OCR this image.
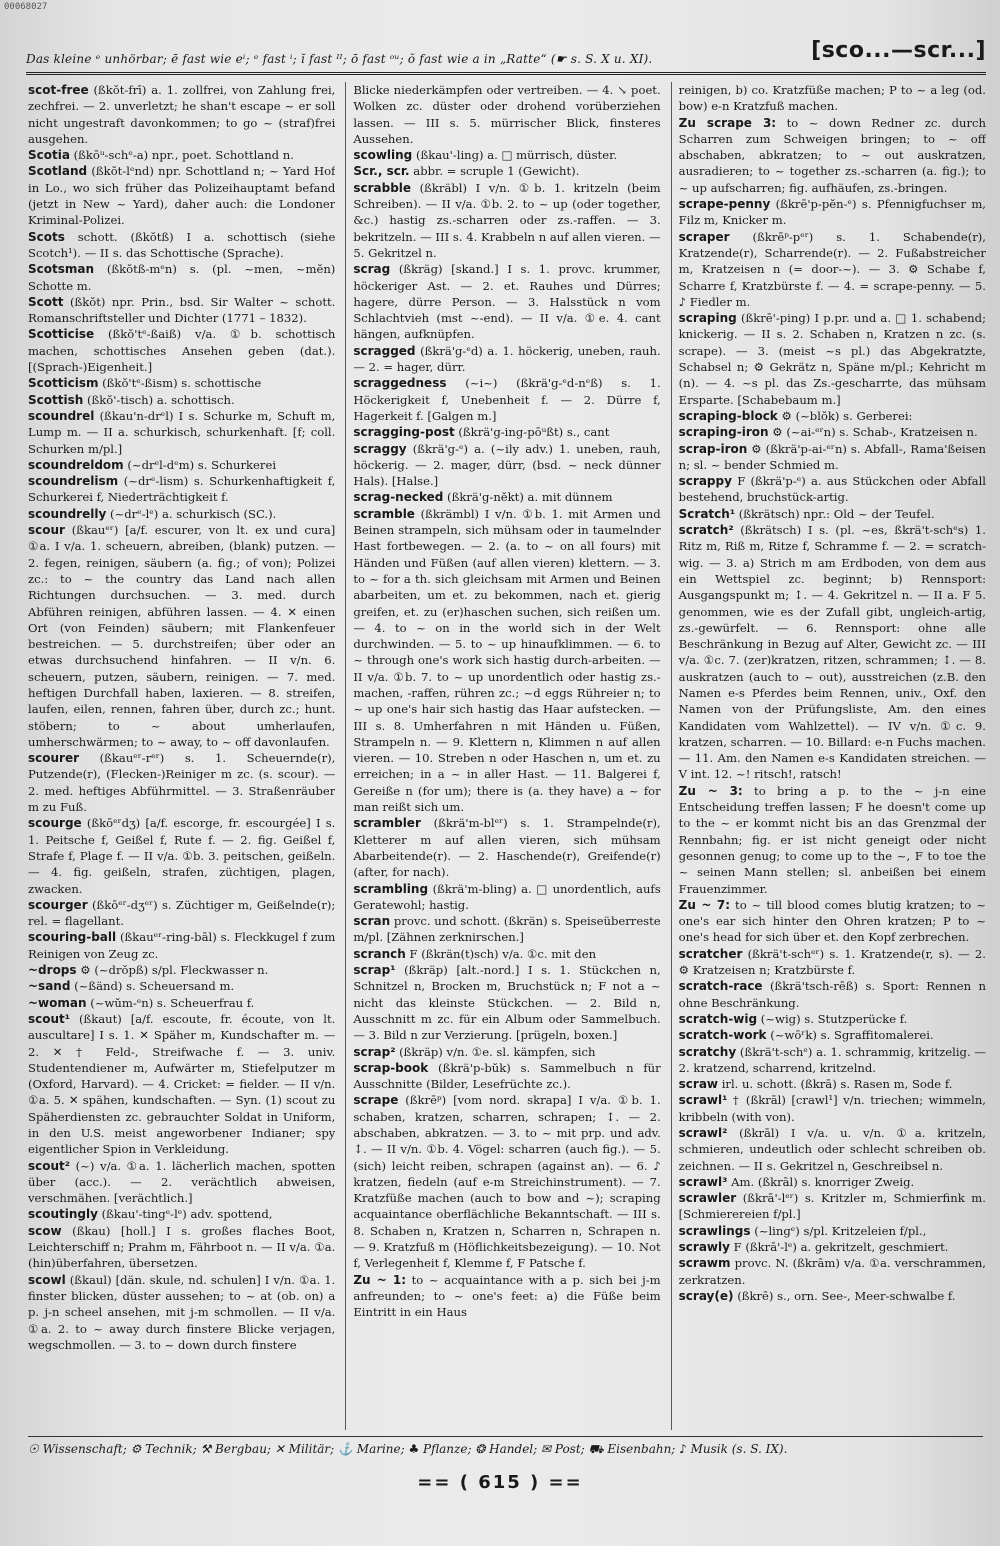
00068027
Das kleine ᵉ unhörbar; ē fast wie eⁱ; ᵉ fast ⁱ; ĭ fast ᴵᴵ; ō fast ᵒᵘ; ŏ fast wie a in „Ratte“ (☛ s. S. X u. XI).	[sco...—scr...]

scot-free (ßkŏt-frī) a. 1. zollfrei, von Zahlung frei, zechfrei. — 2. unverletzt; he shan't escape ~ er soll nicht ungestraft davonkommen; to go ~ (straf)frei ausgehen.

Scotia (ßkōᵘ-schᵉ-a) npr., poet. Schottland n.

Scotland (ßkŏt-lᵉnd) npr. Schottland n; ~ Yard Hof in Lo., wo sich früher das Polizeihauptamt befand (jetzt in New ~ Yard), daher auch: die Londoner Kriminal-Polizei.

Scots schott. (ßkŏtß) I a. schottisch (siehe Scotch¹). — II s. das Schottische (Sprache).

Scotsman (ßkŏtß-mᵉn) s. (pl. ~men, ~mĕn) Schotte m.

Scott (ßkŏt) npr. Prin., bsd. Sir Walter ~ schott. Romanschriftsteller und Dichter (1771 – 1832).

Scotticise (ßkŏ'tᵉ-ßaiß) v/a. ①b. schottisch machen, schottisches Ansehen geben (dat.). [(Sprach-)Eigenheit.]

Scotticism (ßkŏ'tᵉ-ßism) s. schottische

Scottish (ßkŏ'-tisch) a. schottisch.

scoundrel (ßkau'n-drᵉl) I s. Schurke m, Schuft m, Lump m. — II a. schurkisch, schurkenhaft. [f; coll. Schurken m/pl.]

scoundreldom (~drᵉl-dᵉm) s. Schurkerei

scoundrelism (~drᵉ-lism) s. Schurkenhaftigkeit f, Schurkerei f, Niederträchtigkeit f.

scoundrelly (~drᵉ-lᵉ) a. schurkisch (SC.).

scour (ßkauᵉʳ) [a/f. escurer, von lt. ex und cura] ①a. I v/a. 1. scheuern, abreiben, (blank) putzen. — 2. fegen, reinigen, säubern (a. fig.; of von); Polizei zc.: to ~ the country das Land nach allen Richtungen durchsuchen. — 3. med. durch Abführen reinigen, abführen lassen. — 4. ✕ einen Ort (von Feinden) säubern; mit Flankenfeuer bestreichen. — 5. durchstreifen; über oder an etwas durchsuchend hinfahren. — II v/n. 6. scheuern, putzen, säubern, reinigen. — 7. med. heftigen Durchfall haben, laxieren. — 8. streifen, laufen, eilen, rennen, fahren über, durch zc.; hunt. stöbern; to ~ about umherlaufen, umherschwärmen; to ~ away, to ~ off davonlaufen.

scourer (ßkauᵉʳ-rᵉʳ) s. 1. Scheuernde(r), Putzende(r), (Flecken-)Reiniger m zc. (s. scour). — 2. med. heftiges Abführmittel. — 3. Straßenräuber m zu Fuß.

scourge (ßkōᵉʳdʒ) [a/f. escorge, fr. escourgée] I s. 1. Peitsche f, Geißel f, Rute f. — 2. fig. Geißel f, Strafe f, Plage f. — II v/a. ①b. 3. peitschen, geißeln. — 4. fig. geißeln, strafen, züchtigen, plagen, zwacken.

scourger (ßkōᵉʳ-dʒᵉʳ) s. Züchtiger m, Geißelnde(r); rel. = flagellant.

scouring-ball (ßkauᵉʳ-ring-bāl) s. Fleckkugel f zum Reinigen von Zeug zc.

~drops ⚙ (~drŏpß) s/pl. Fleckwasser n.

~sand (~ßänd) s. Scheuersand m.

~woman (~wŭm-ᵉn) s. Scheuerfrau f.

scout¹ (ßkaut) [a/f. escoute, fr. écoute, von lt. auscultare] I s. 1. ✕ Späher m, Kundschafter m. — 2. ✕ † Feld-, Streifwache f. — 3. univ. Studentendiener m, Aufwärter m, Stiefelputzer m (Oxford, Harvard). — 4. Cricket: = fielder. — II v/n. ①a. 5. ✕ spähen, kundschaften. — Syn. (1) scout zu Späherdiensten zc. gebrauchter Soldat in Uniform, in den U.S. meist angeworbener Indianer; spy eigentlicher Spion in Verkleidung.

scout² (~) v/a. ①a. 1. lächerlich machen, spotten über (acc.). — 2. verächtlich abweisen, verschmähen. [verächtlich.]

scoutingly (ßkau'-tingᵉ-lᵉ) adv. spottend,

scow (ßkau) [holl.] I s. großes flaches Boot, Leichterschiff n; Prahm m, Fährboot n. — II v/a. ①a. (hin)überfahren, übersetzen.

scowl (ßkaul) [dän. skule, nd. schulen] I v/n. ①a. 1. finster blicken, düster aussehen; to ~ at (ob. on) a p. j-n scheel ansehen, mit j-m schmollen. — II v/a. ①a. 2. to ~ away durch finstere Blicke verjagen, wegschmollen. — 3. to ~ down durch finstere

Blicke niederkämpfen oder vertreiben. — 4. ↘ poet. Wolken zc. düster oder drohend vorüberziehen lassen. — III s. 5. mürrischer Blick, finsteres Aussehen.

scowling (ßkau'-ling) a. □ mürrisch, düster.

Scr., scr. abbr. = scruple 1 (Gewicht).

scrabble (ßkräbl) I v/n. ①b. 1. kritzeln (beim Schreiben). — II v/a. ①b. 2. to ~ up (oder together, &c.) hastig zs.-scharren oder zs.-raffen. — 3. bekritzeln. — III s. 4. Krabbeln n auf allen vieren. — 5. Gekritzel n.

scrag (ßkräg) [skand.] I s. 1. provc. krummer, höckeriger Ast. — 2. et. Rauhes und Dürres; hagere, dürre Person. — 3. Halsstück n vom Schlachtvieh (mst ~-end). — II v/a. ①e. 4. cant hängen, aufknüpfen.

scragged (ßkrä'g-ᵉd) a. 1. höckerig, uneben, rauh. — 2. = hager, dürr.

scraggedness (~i~) (ßkrä'g-ᵉd-nᵉß) s. 1. Höckerigkeit f, Unebenheit f. — 2. Dürre f, Hagerkeit f. [Galgen m.]

scragging-post (ßkrä'g-ing-pōᵘßt) s., cant

scraggy (ßkrä'g-ᵉ) a. (~ily adv.) 1. uneben, rauh, höckerig. — 2. mager, dürr, (bsd. ~ neck dünner Hals). [Halse.]

scrag-necked (ßkrä'g-nĕkt) a. mit dünnem

scramble (ßkrämbl) I v/n. ①b. 1. mit Armen und Beinen strampeln, sich mühsam oder in taumelnder Hast fortbewegen. — 2. (a. to ~ on all fours) mit Händen und Füßen (auf allen vieren) klettern. — 3. to ~ for a th. sich gleichsam mit Armen und Beinen abarbeiten, um et. zu bekommen, nach et. gierig greifen, et. zu (er)haschen suchen, sich reißen um. — 4. to ~ on in the world sich in der Welt durchwinden. — 5. to ~ up hinaufklimmen. — 6. to ~ through one's work sich hastig durch-arbeiten. — II v/a. ①b. 7. to ~ up unordentlich oder hastig zs.-machen, -raffen, rühren zc.; ~d eggs Rühreier n; to ~ up one's hair sich hastig das Haar aufstecken. — III s. 8. Umherfahren n mit Händen u. Füßen, Strampeln n. — 9. Klettern n, Klimmen n auf allen vieren. — 10. Streben n oder Haschen n, um et. zu erreichen; in a ~ in aller Hast. — 11. Balgerei f, Gereiße n (for um); there is (a. they have) a ~ for man reißt sich um.

scrambler (ßkrä'm-blᵉʳ) s. 1. Strampelnde(r), Kletterer m auf allen vieren, sich mühsam Abarbeitende(r). — 2. Haschende(r), Greifende(r) (after, for nach).

scrambling (ßkrä'm-bling) a. □ unordentlich, aufs Geratewohl; hastig.

scran provc. und schott. (ßkrän) s. Speiseüberreste m/pl. [Zähnen zerknirschen.]

scranch F (ßkrän(t)sch) v/a. ①c. mit den

scrap¹ (ßkräp) [alt.-nord.] I s. 1. Stückchen n, Schnitzel n, Brocken m, Bruchstück n; F not a ~ nicht das kleinste Stückchen. — 2. Bild n, Ausschnitt m zc. für ein Album oder Sammelbuch. — 3. Bild n zur Verzierung. [prügeln, boxen.]

scrap² (ßkräp) v/n. ①e. sl. kämpfen, sich

scrap-book (ßkrä'p-bŭk) s. Sammelbuch n für Ausschnitte (Bilder, Lesefrüchte zc.).

scrape (ßkrēᵖ) [vom nord. skrapa] I v/a. ①b. 1. schaben, kratzen, scharren, schrapen; ↕. — 2. abschaben, abkratzen. — 3. to ~ mit prp. und adv. ↕. — II v/n. ①b. 4. Vögel: scharren (auch fig.). — 5. (sich) leicht reiben, schrapen (against an). — 6. ♪ kratzen, fiedeln (auf e-m Streichinstrument). — 7. Kratzfüße machen (auch to bow and ~); scraping acquaintance oberflächliche Bekanntschaft. — III s. 8. Schaben n, Kratzen n, Scharren n, Schrapen n. — 9. Kratzfuß m (Höflichkeitsbezeigung). — 10. Not f, Verlegenheit f, Klemme f, F Patsche f.

Zu ~ 1: to ~ acquaintance with a p. sich bei j-m anfreunden; to ~ one's feet: a) die Füße beim Eintritt in ein Haus

reinigen, b) co. Kratzfüße machen; P to ~ a leg (od. bow) e-n Kratzfuß machen.

Zu scrape 3: to ~ down Redner zc. durch Scharren zum Schweigen bringen; to ~ off abschaben, abkratzen; to ~ out auskratzen, ausradieren; to ~ together zs.-scharren (a. fig.); to ~ up aufscharren; fig. aufhäufen, zs.-bringen.

scrape-penny (ßkrē'p-pĕn-ᵉ) s. Pfennigfuchser m, Filz m, Knicker m.

scraper (ßkrēᵖ-pᵉʳ) s. 1. Schabende(r), Kratzende(r), Scharrende(r). — 2. Fußabstreicher m, Kratzeisen n (= door-~). — 3. ⚙ Schabe f, Scharre f, Kratzbürste f. — 4. = scrape-penny. — 5. ♪ Fiedler m.

scraping (ßkrē'-ping) I p.pr. und a. □ 1. schabend; knickerig. — II s. 2. Schaben n, Kratzen n zc. (s. scrape). — 3. (meist ~s pl.) das Abgekratzte, Schabsel n; ⚙ Gekrätz n, Späne m/pl.; Kehricht m (n). — 4. ~s pl. das Zs.-gescharrte, das mühsam Ersparte. [Schabebaum m.]

scraping-block ⚙ (~blŏk) s. Gerberei:

scraping-iron ⚙ (~ai-ᵉʳn) s. Schab-, Kratzeisen n.

scrap-iron ⚙ (ßkrä'p-ai-ᵉʳn) s. Abfall-, Rama'ßeisen n; sl. ~ bender Schmied m.

scrappy F (ßkrä'p-ᵉ) a. aus Stückchen oder Abfall bestehend, bruchstück-artig.

Scratch¹ (ßkrätsch) npr.: Old ~ der Teufel.

scratch² (ßkrätsch) I s. (pl. ~es, ßkrä't-schᵉs) 1. Ritz m, Riß m, Ritze f, Schramme f. — 2. = scratch-wig. — 3. a) Strich m am Erdboden, von dem aus ein Wettspiel zc. beginnt; b) Rennsport: Ausgangspunkt m; ↕. — 4. Gekritzel n. — II a. F 5. genommen, wie es der Zufall gibt, ungleich-artig, zs.-gewürfelt. — 6. Rennsport: ohne alle Beschränkung in Bezug auf Alter, Gewicht zc. — III v/a. ①c. 7. (zer)kratzen, ritzen, schrammen; ↕. — 8. auskratzen (auch to ~ out), ausstreichen (z.B. den Namen e-s Pferdes beim Rennen, univ., Oxf. den Namen von der Prüfungsliste, Am. den eines Kandidaten vom Wahlzettel). — IV v/n. ①c. 9. kratzen, scharren. — 10. Billard: e-n Fuchs machen. — 11. Am. den Namen e-s Kandidaten streichen. — V int. 12. ~! ritsch!, ratsch!

Zu ~ 3: to bring a p. to the ~ j-n eine Entscheidung treffen lassen; F he doesn't come up to the ~ er kommt nicht bis an das Grenzmal der Rennbahn; fig. er ist nicht geneigt oder nicht gesonnen genug; to come up to the ~, F to toe the ~ seinen Mann stellen; sl. anbeißen bei einem Frauenzimmer.

Zu ~ 7: to ~ till blood comes blutig kratzen; to ~ one's ear sich hinter den Ohren kratzen; P to ~ one's head for sich über et. den Kopf zerbrechen.

scratcher (ßkrä't-schᵉʳ) s. 1. Kratzende(r, s). — 2. ⚙ Kratzeisen n; Kratzbürste f.

scratch-race (ßkrä'tsch-rēß) s. Sport: Rennen n ohne Beschränkung.

scratch-wig (~wig) s. Stutzperücke f.

scratch-work (~wōʳk) s. Sgraffitomalerei.

scratchy (ßkrä't-schᵉ) a. 1. schrammig, kritzelig. — 2. kratzend, scharrend, kritzelnd.

scraw irl. u. schott. (ßkrā) s. Rasen m, Sode f.

scrawl¹ † (ßkrāl) [crawl¹] v/n. triechen; wimmeln, kribbeln (with von).

scrawl² (ßkrāl) I v/a. u. v/n. ①a. kritzeln, schmieren, undeutlich oder schlecht schreiben ob. zeichnen. — II s. Gekritzel n, Geschreibsel n.

scrawl³ Am. (ßkrāl) s. knorriger Zweig.

scrawler (ßkrā'-lᵉʳ) s. Kritzler m, Schmierfink m. [Schmierereien f/pl.]

scrawlings (~lingᵉ) s/pl. Kritzeleien f/pl.,

scrawly F (ßkrā'-lᵉ) a. gekritzelt, geschmiert.

scrawm provc. N. (ßkrām) v/a. ①a. verschrammen, zerkratzen.

scray(e) (ßkrē) s., orn. See-, Meer-schwalbe f.

☉ Wissenschaft; ⚙ Technik; ⚒ Bergbau; ✕ Militär; ⚓ Marine; ♣ Pflanze; ❂ Handel; ✉ Post; ⛟ Eisenbahn; ♪ Musik (s. S. IX).
== ( 615 ) ==
